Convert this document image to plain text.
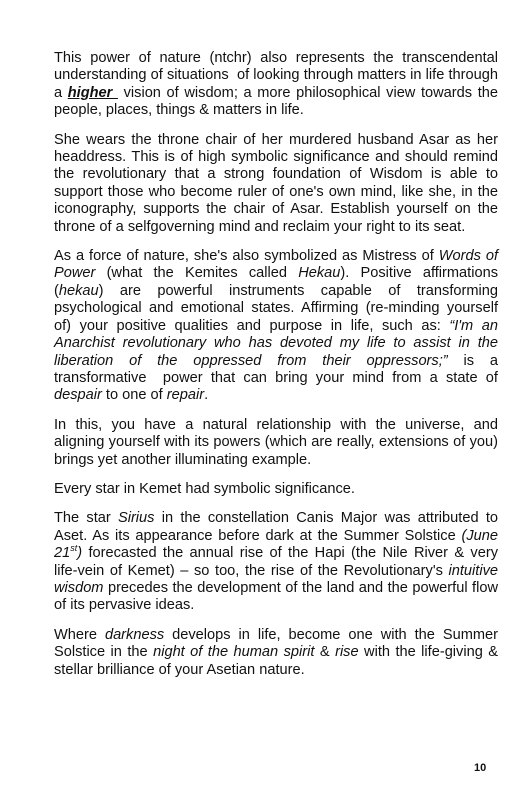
This power of nature (ntchr) also represents the transcendental understanding of situations  of looking through matters in life through a higher  vision of wisdom; a more philosophical view towards the people, places, things & matters in life.

She wears the throne chair of her murdered husband Asar as her headdress. This is of high symbolic significance and should remind the revolutionary that a strong foundation of Wisdom is able to support those who become ruler of one's own mind, like she, in the  iconography, supports the chair of Asar. Establish yourself on the throne of a selfgoverning mind and reclaim your right to its seat.

As a force of nature, she's also symbolized as Mistress of Words of Power (what the Kemites called Hekau). Positive affirmations (hekau) are powerful instruments capable of transforming psychological and emotional states. Affirming (re-minding yourself of) your positive qualities and purpose in life, such as: “I'm an Anarchist revolutionary who has devoted my life to assist in the liberation of the oppressed from their oppressors;” is a transformative  power that can bring your mind from a state of despair to one of repair.

In this, you have a natural relationship with the universe, and aligning yourself with its powers (which are really, extensions of you) brings yet another illuminating example.

Every star in Kemet had symbolic significance.

The star Sirius in the constellation Canis Major was attributed to Aset. As its appearance before dark at the Summer Solstice (June 21st) forecasted the annual rise of the Hapi (the Nile River & very life-vein of Kemet) – so too, the rise of the Revolutionary's intuitive wisdom precedes the development of the land and the powerful flow of its pervasive ideas.

Where darkness develops in life, become one with the Summer Solstice in the night of the human spirit & rise with the life-giving & stellar brilliance of your Asetian nature.

10
